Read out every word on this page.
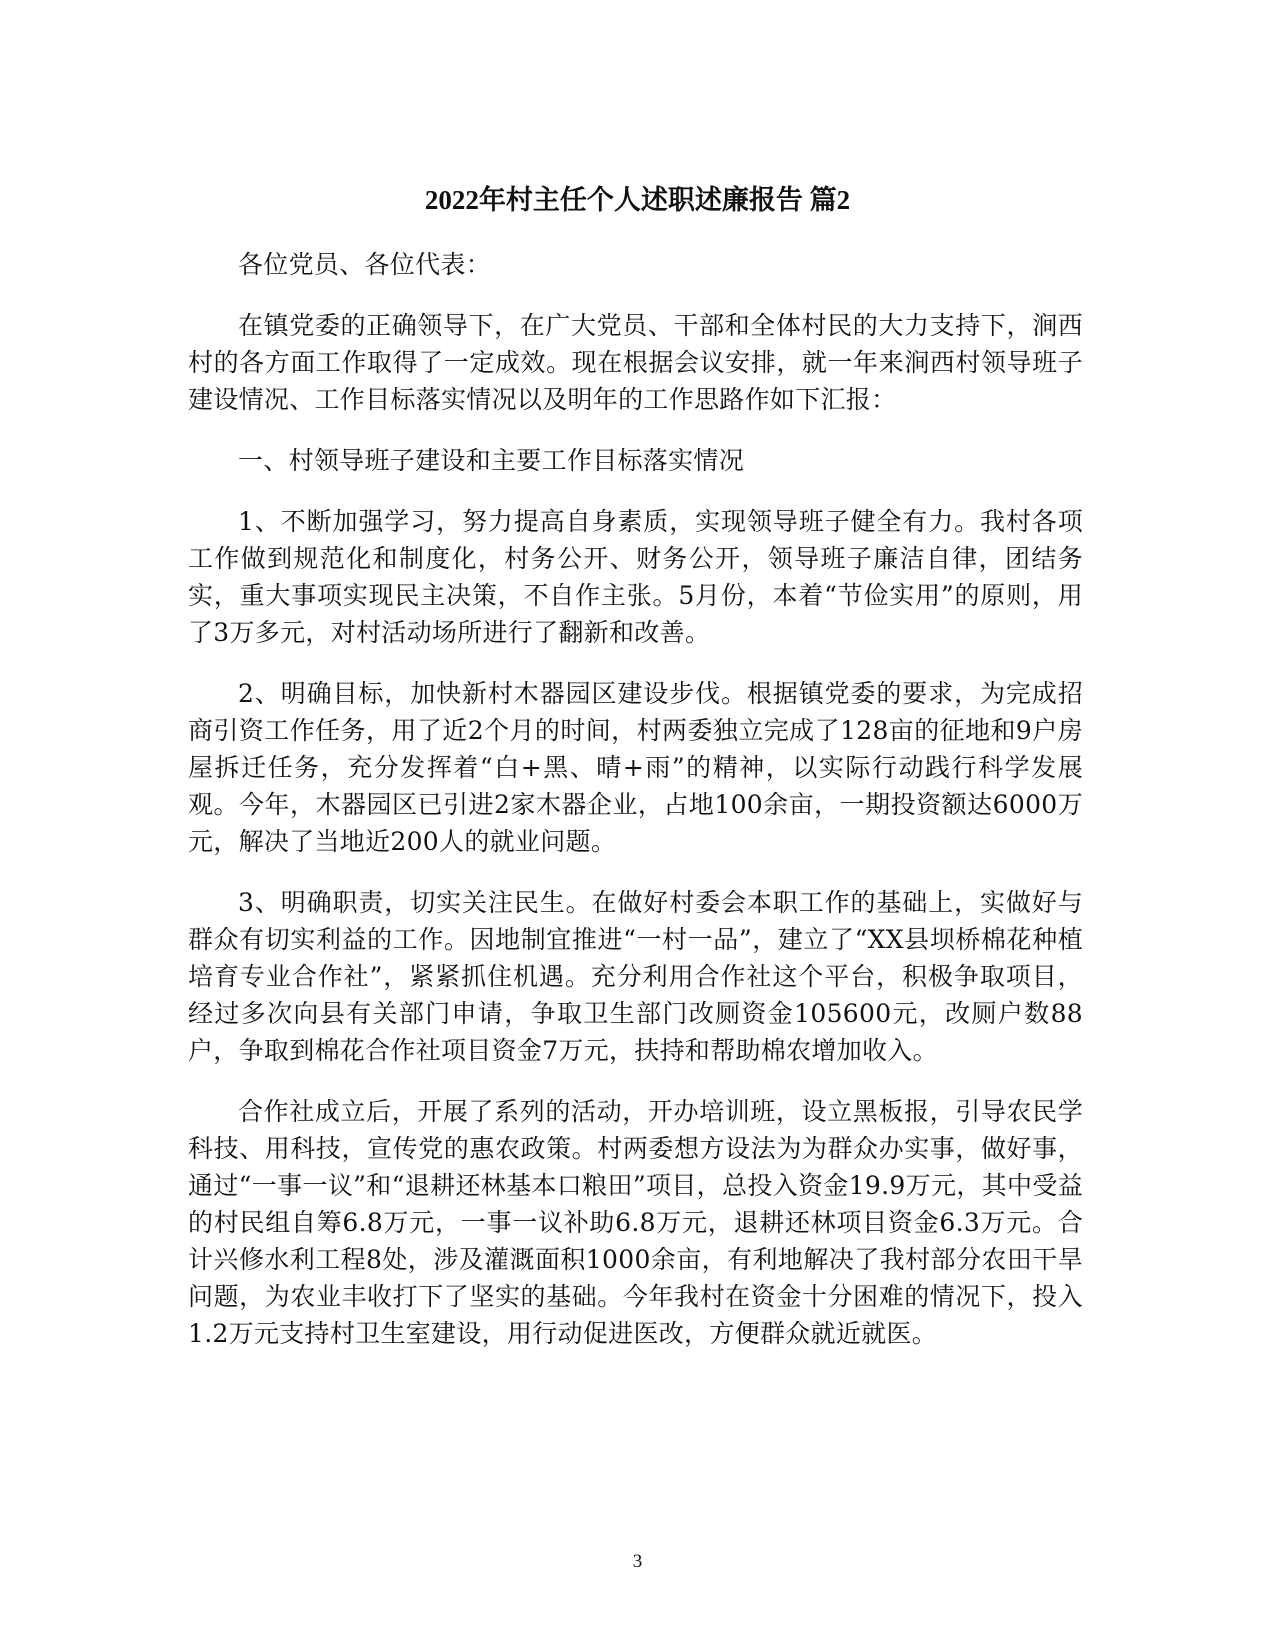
2022年村主任个人述职述廉报告 篇2

各位党员、各位代表：

在镇党委的正确领导下，在广大党员、干部和全体村民的大力支持下，涧西村的各方面工作取得了一定成效。现在根据会议安排，就一年来涧西村领导班子建设情况、工作目标落实情况以及明年的工作思路作如下汇报：

一、村领导班子建设和主要工作目标落实情况

1、不断加强学习，努力提高自身素质，实现领导班子健全有力。我村各项工作做到规范化和制度化，村务公开、财务公开，领导班子廉洁自律，团结务实，重大事项实现民主决策，不自作主张。5月份，本着“节俭实用”的原则，用了3万多元，对村活动场所进行了翻新和改善。

2、明确目标，加快新村木器园区建设步伐。根据镇党委的要求，为完成招商引资工作任务，用了近2个月的时间，村两委独立完成了128亩的征地和9户房屋拆迁任务，充分发挥着“白+黑、晴+雨”的精神，以实际行动践行科学发展观。今年，木器园区已引进2家木器企业，占地100余亩，一期投资额达6000万元，解决了当地近200人的就业问题。

3、明确职责，切实关注民生。在做好村委会本职工作的基础上，实做好与群众有切实利益的工作。因地制宜推进“一村一品”，建立了“XX县坝桥棉花种植培育专业合作社”，紧紧抓住机遇。充分利用合作社这个平台，积极争取项目，经过多次向县有关部门申请，争取卫生部门改厕资金105600元，改厕户数88户，争取到棉花合作社项目资金7万元，扶持和帮助棉农增加收入。

合作社成立后，开展了系列的活动，开办培训班，设立黑板报，引导农民学科技、用科技，宣传党的惠农政策。村两委想方设法为为群众办实事，做好事，通过“一事一议”和“退耕还林基本口粮田”项目，总投入资金19.9万元，其中受益的村民组自筹6.8万元，一事一议补助6.8万元，退耕还林项目资金6.3万元。合计兴修水利工程8处，涉及灌溉面积1000余亩，有利地解决了我村部分农田干旱问题，为农业丰收打下了坚实的基础。今年我村在资金十分困难的情况下，投入1.2万元支持村卫生室建设，用行动促进医改，方便群众就近就医。

3
